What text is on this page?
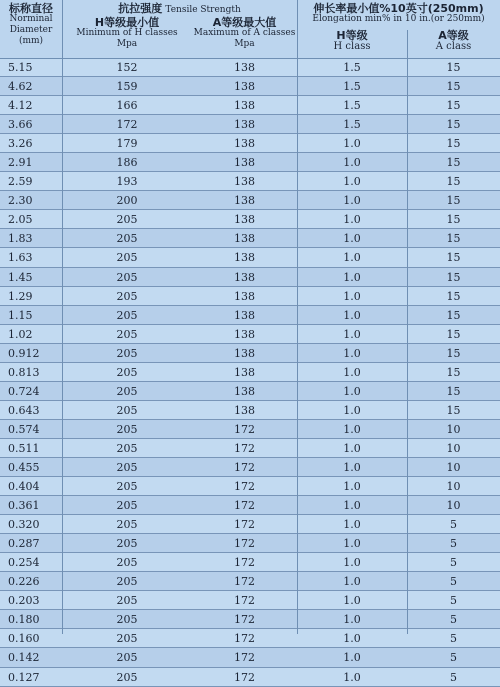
标称直径
Norminal
Diameter
(mm)
抗拉强度 Tensile Strength
H等级最小值
Minimum of H classes
Mpa
A等级最大值
Maximum of A classes
Mpa
伸长率最小值%10英寸(250mm)
Elongation min% in 10 in.(or 250mm)
H等级
H class
A等级
A class
5.15	152	138	1.5	15
4.62	159	138	1.5	15
4.12	166	138	1.5	15
3.66	172	138	1.5	15
3.26	179	138	1.0	15
2.91	186	138	1.0	15
2.59	193	138	1.0	15
2.30	200	138	1.0	15
2.05	205	138	1.0	15
1.83	205	138	1.0	15
1.63	205	138	1.0	15
1.45	205	138	1.0	15
1.29	205	138	1.0	15
1.15	205	138	1.0	15
1.02	205	138	1.0	15
0.912	205	138	1.0	15
0.813	205	138	1.0	15
0.724	205	138	1.0	15
0.643	205	138	1.0	15
0.574	205	172	1.0	10
0.511	205	172	1.0	10
0.455	205	172	1.0	10
0.404	205	172	1.0	10
0.361	205	172	1.0	10
0.320	205	172	1.0	5
0.287	205	172	1.0	5
0.254	205	172	1.0	5
0.226	205	172	1.0	5
0.203	205	172	1.0	5
0.180	205	172	1.0	5
0.160	205	172	1.0	5
0.142	205	172	1.0	5
0.127	205	172	1.0	5
